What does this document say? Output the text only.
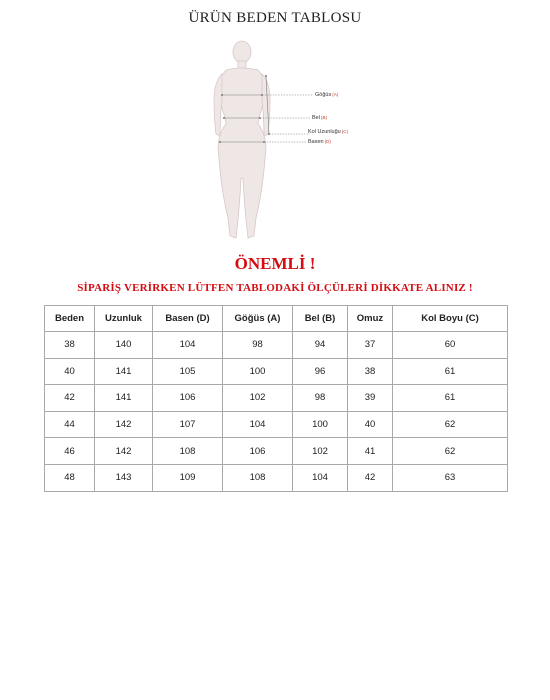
ÜRÜN BEDEN TABLOSU
Göğüs(A)
Bel(B)
Kol Uzunluğu(C)
Basen(D)
ÖNEMLİ !
SİPARİŞ VERİRKEN LÜTFEN TABLODAKİ ÖLÇÜLERİ DİKKATE ALINIZ !
Beden	Uzunluk	Basen (D)	Göğüs (A)	Bel (B)	Omuz	Kol Boyu (C)
38	140	104	98	94	37	60
40	141	105	100	96	38	61
42	141	106	102	98	39	61
44	142	107	104	100	40	62
46	142	108	106	102	41	62
48	143	109	108	104	42	63
